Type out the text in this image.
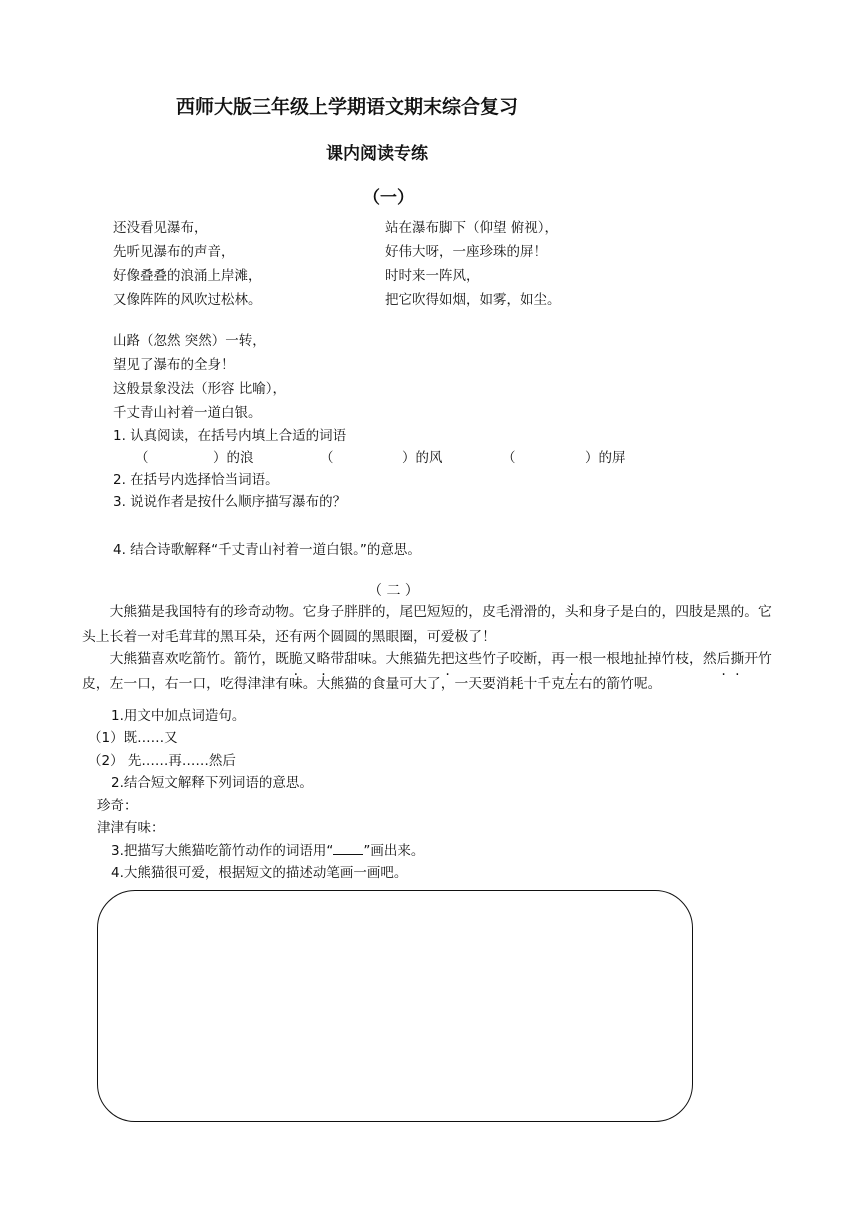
西师大版三年级上学期语文期末综合复习
课内阅读专练
（一）
还没看见瀑布，
先听见瀑布的声音，
好像叠叠的浪涌上岸滩，
又像阵阵的风吹过松林。
站在瀑布脚下（仰望 俯视），
好伟大呀，一座珍珠的屏！
时时来一阵风，
把它吹得如烟，如雾，如尘。
山路（忽然 突然）一转，
望见了瀑布的全身！
这般景象没法（形容 比喻），
千丈青山衬着一道白银。
1. 认真阅读，在括号内填上合适的词语
（	）的浪	（	）的风	（	）的屏
2. 在括号内选择恰当词语。
3. 说说作者是按什么顺序描写瀑布的？
4. 结合诗歌解释“千丈青山衬着一道白银。”的意思。
（ 二 ）
大熊猫是我国特有的珍奇动物。它身子胖胖的，尾巴短短的，皮毛滑滑的，头和身子是白的，四肢是黑的。它头上长着一对毛茸茸的黑耳朵，还有两个圆圆的黑眼圈，可爱极了！
大熊猫喜欢吃箭竹。箭竹，既脆又略带甜味。大熊猫先把这些竹子咬断，再一根一根地扯掉竹枝，然后撕开竹皮，左一口，右一口，吃得津津有味。大熊猫的食量可大了，一天要消耗十千克左右的箭竹呢。
1.用文中加点词造句。
（1）既……又
（2） 先……再……然后
2.结合短文解释下列词语的意思。
珍奇：
津津有味：
3.把描写大熊猫吃箭竹动作的词语用“ ”画出来。
4.大熊猫很可爱，根据短文的描述动笔画一画吧。
